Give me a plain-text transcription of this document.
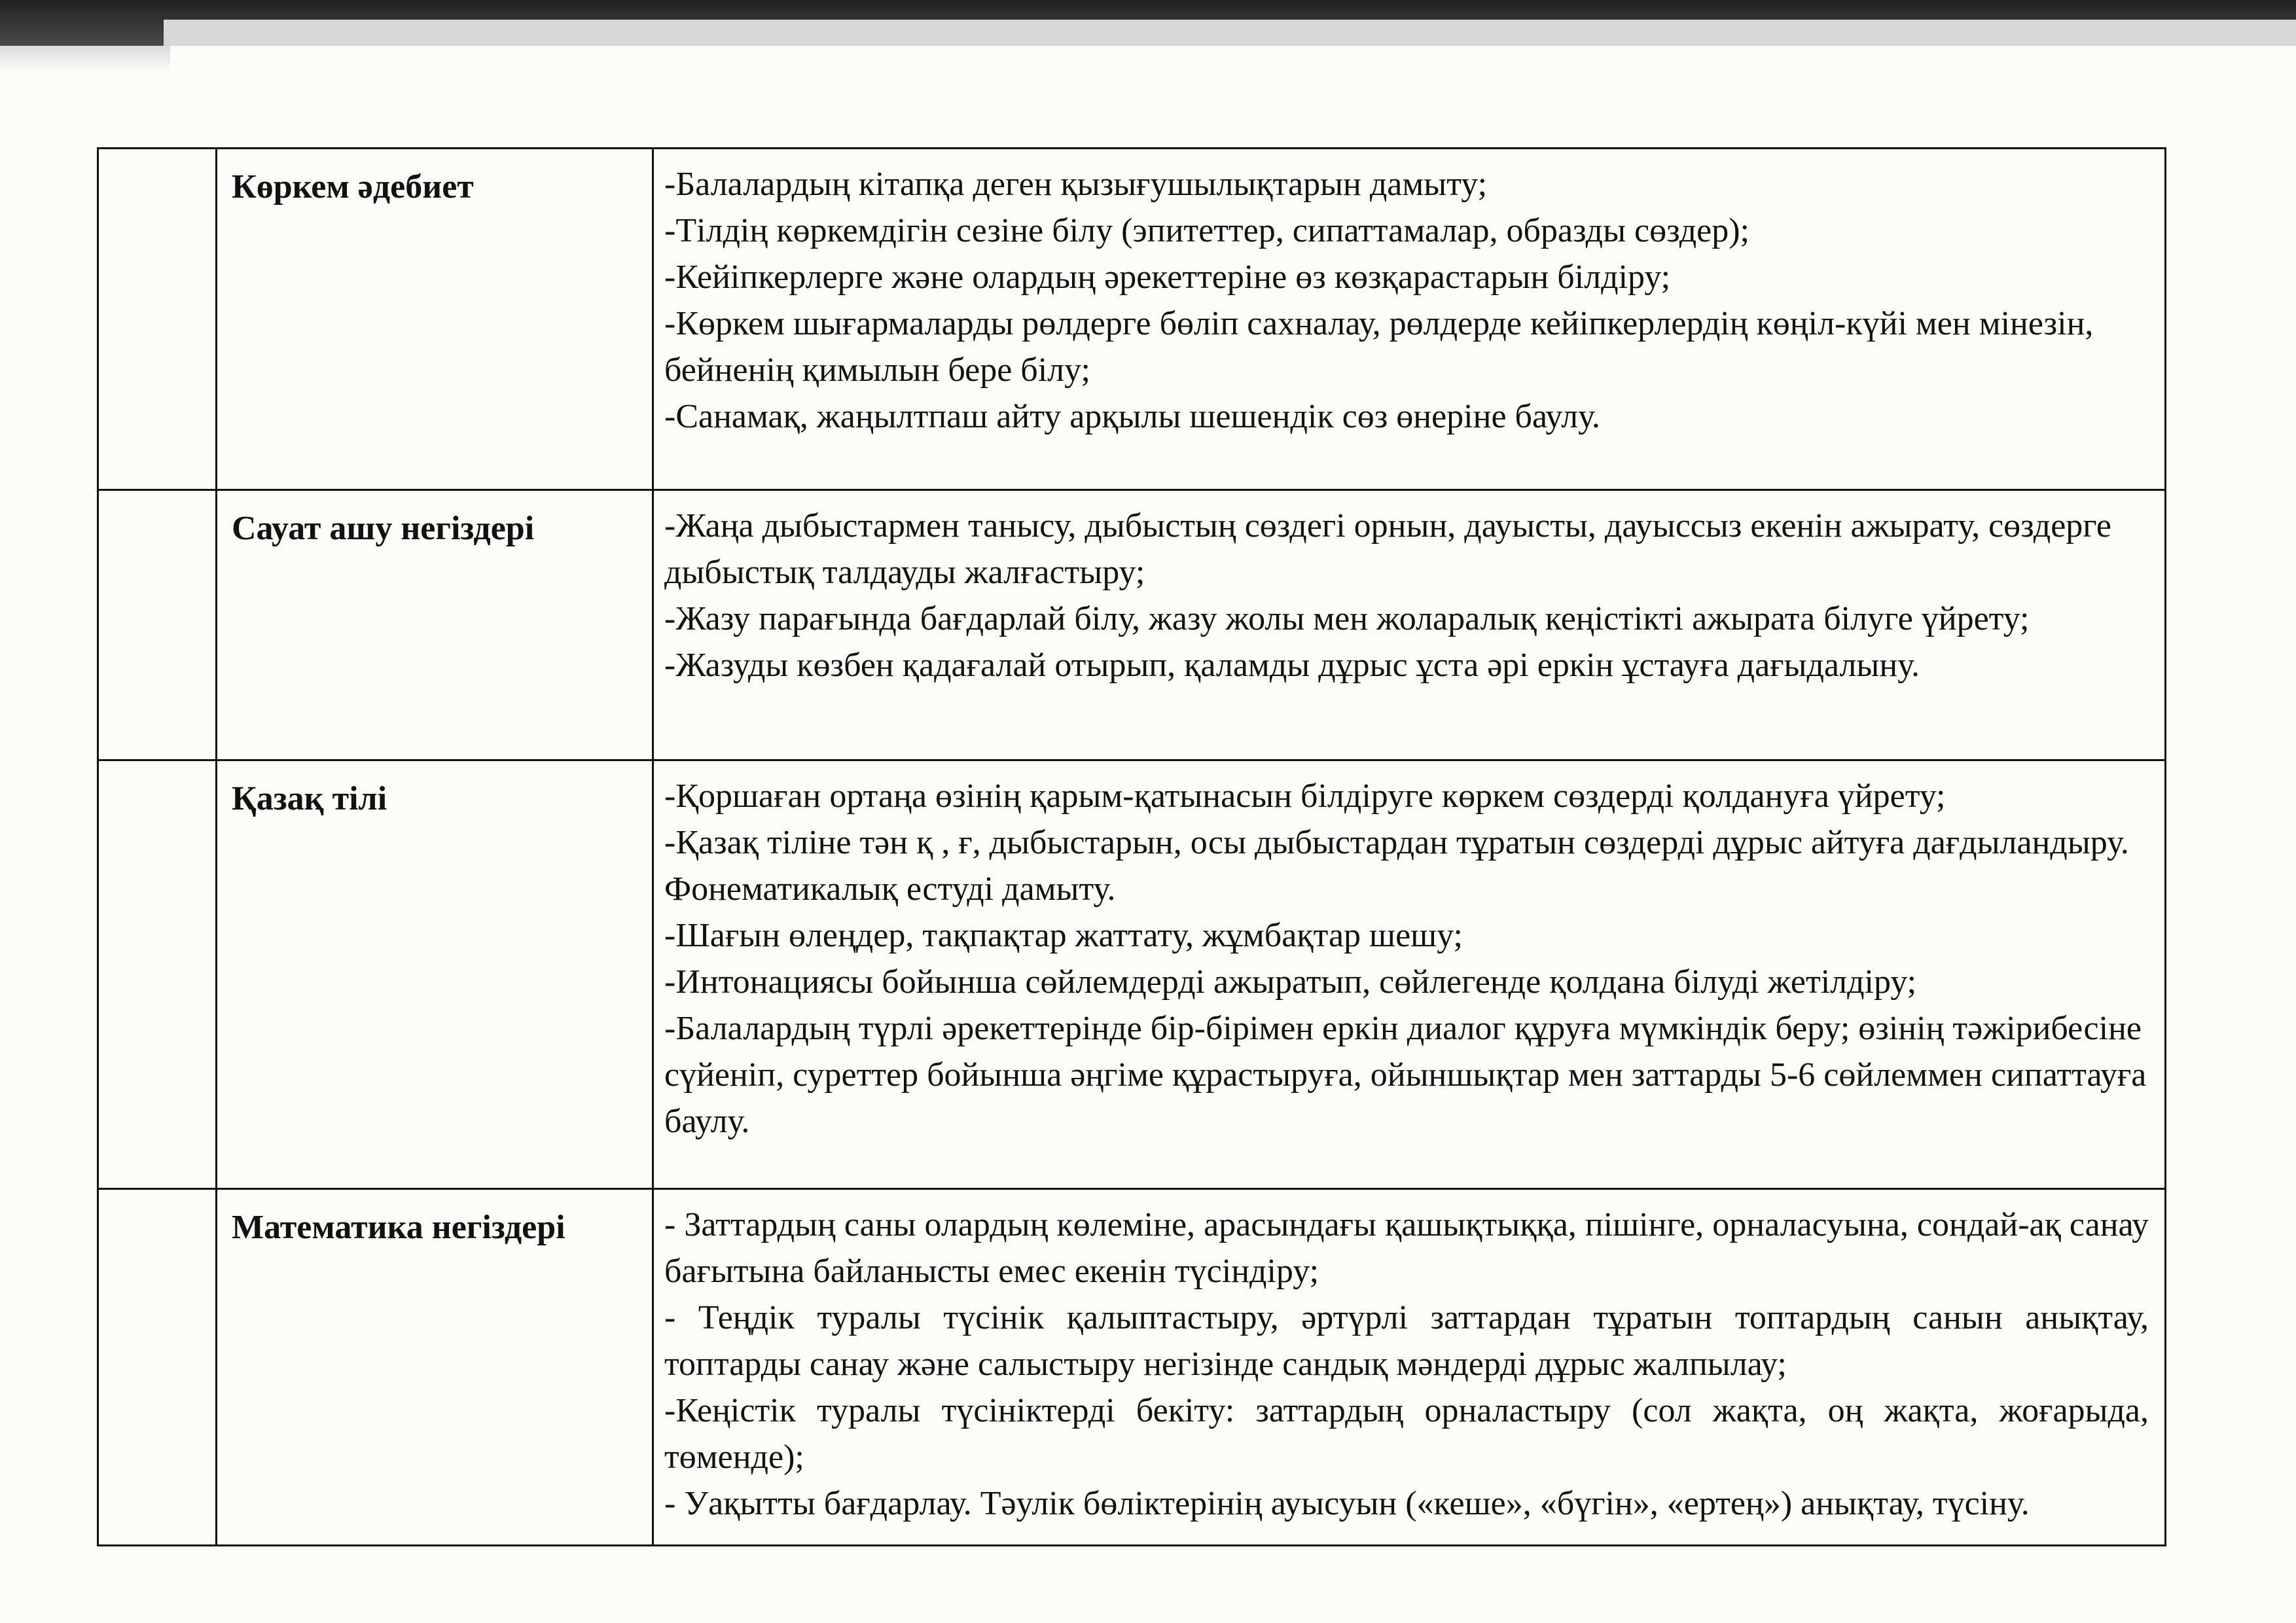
	Көркем әдебиет	-Балалардың кітапқа деген қызығушылықтарын дамыту;
-Тілдің көркемдігін сезіне білу (эпитеттер, сипаттамалар, образды сөздер);
-Кейіпкерлерге және олардың әрекеттеріне өз көзқарастарын білдіру;
-Көркем шығармаларды рөлдерге бөліп сахналау, рөлдерде кейіпкерлердің көңіл-күйі мен мінезін, бейненің қимылын бере білу;
-Санамақ, жаңылтпаш айту арқылы шешендік сөз өнеріне баулу.

	Сауат ашу негіздері	-Жаңа дыбыстармен танысу, дыбыстың сөздегі орнын, дауысты, дауыссыз екенін ажырату, сөздерге дыбыстық талдауды жалғастыру;
-Жазу парағында бағдарлай білу, жазу жолы мен жоларалық кеңістікті ажырата білуге үйрету;
-Жазуды көзбен қадағалай отырып, қаламды дұрыс ұста әрі еркін ұстауға дағыдалыну.

	Қазақ тілі	-Қоршаған ортаңа өзінің қарым-қатынасын білдіруге көркем сөздерді қолдануға үйрету;
-Қазақ тіліне тән қ , ғ, дыбыстарын, осы дыбыстардан тұратын сөздерді дұрыс айтуға дағдыландыру. Фонематикалық естуді дамыту.
-Шағын өлеңдер, тақпақтар жаттату, жұмбақтар шешу;
-Интонациясы бойынша сөйлемдерді ажыратып, сөйлегенде қолдана білуді жетілдіру;
-Балалардың түрлі әрекеттерінде бір-бірімен еркін диалог құруға мүмкіндік беру; өзінің тәжірибесіне сүйеніп, суреттер бойынша әңгіме құрастыруға, ойыншықтар мен заттарды 5-6 сөйлеммен сипаттауға баулу.

	Математика негіздері	- Заттардың саны олардың көлеміне, арасындағы қашықтыққа, пішінге, орналасуына, сондай-ақ санау бағытына байланысты емес екенін түсіндіру;
- Теңдік туралы түсінік қалыптастыру, әртүрлі заттардан тұратын топтардың санын анықтау, топтарды санау және салыстыру негізінде сандық мәндерді дұрыс жалпылау;
-Кеңістік туралы түсініктерді бекіту: заттардың орналастыру (сол жақта, оң жақта, жоғарыда, төменде);
- Уақытты бағдарлау. Тәулік бөліктерінің ауысуын («кеше», «бүгін», «ертең») анықтау, түсіну.
